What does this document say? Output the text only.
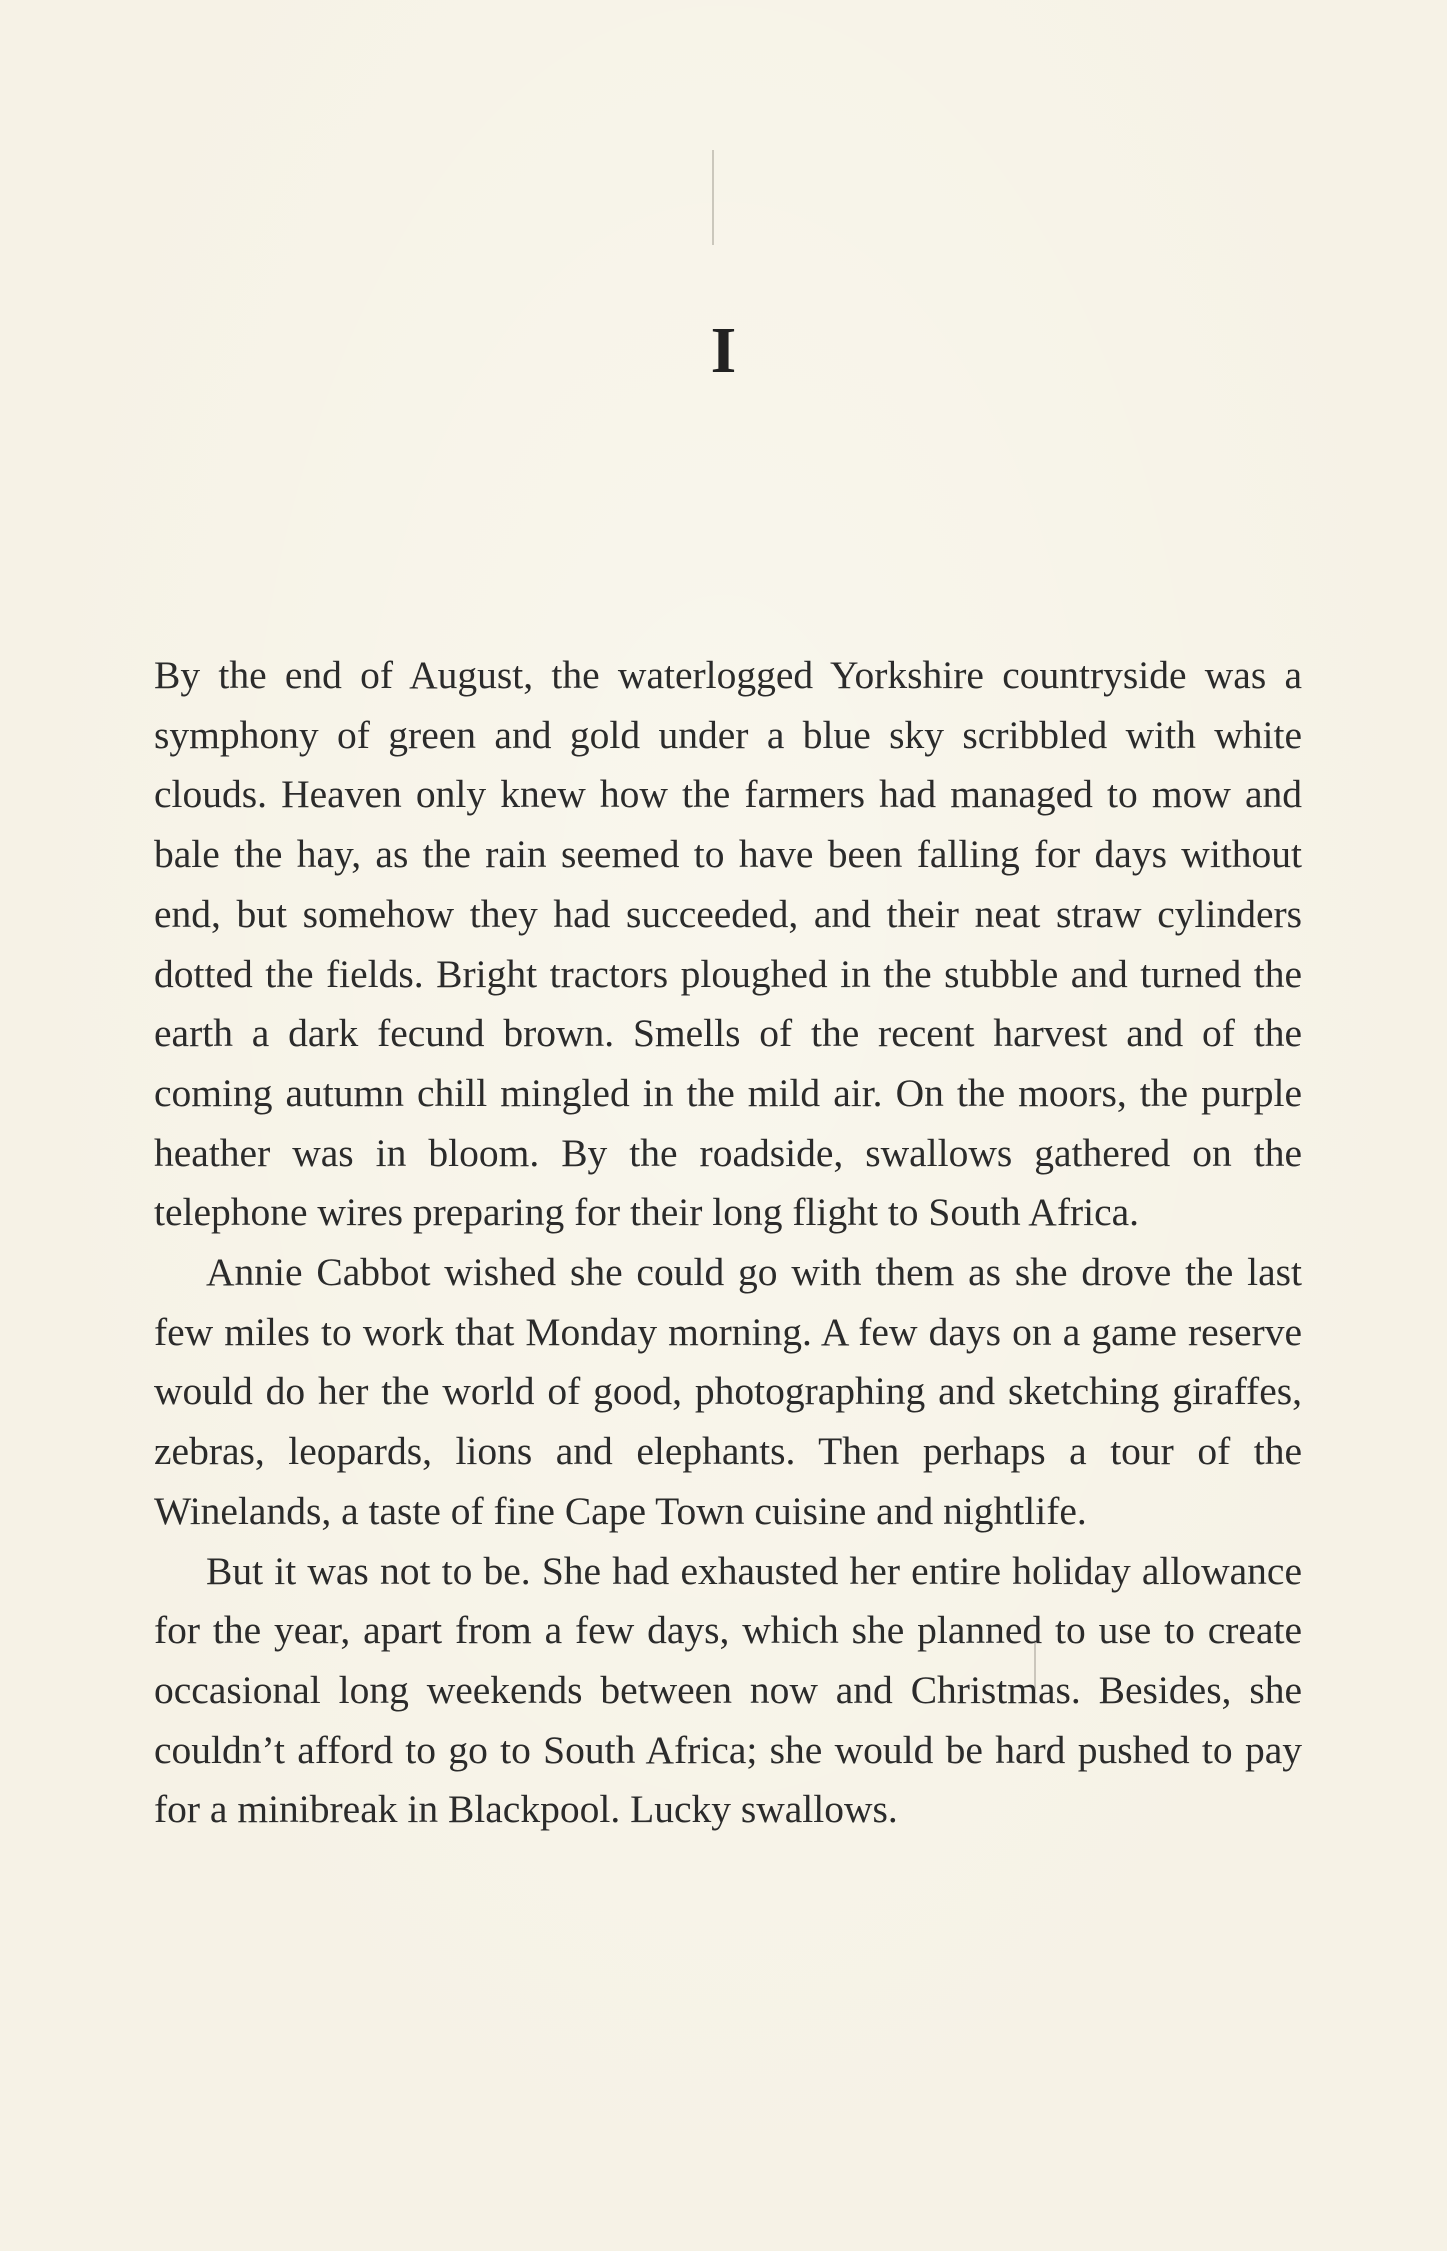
I

By the end of August, the waterlogged Yorkshire countryside was a symphony of green and gold under a blue sky scribbled with white clouds. Heaven only knew how the farmers had managed to mow and bale the hay, as the rain seemed to have been falling for days without end, but somehow they had succeeded, and their neat straw cylinders dotted the fields. Bright tractors ploughed in the stubble and turned the earth a dark fecund brown. Smells of the recent harvest and of the coming autumn chill mingled in the mild air. On the moors, the purple heather was in bloom. By the roadside, swallows gathered on the telephone wires preparing for their long flight to South Africa.

Annie Cabbot wished she could go with them as she drove the last few miles to work that Monday morning. A few days on a game reserve would do her the world of good, photographing and sketching giraffes, zebras, leopards, lions and elephants. Then perhaps a tour of the Winelands, a taste of fine Cape Town cuisine and nightlife.

But it was not to be. She had exhausted her entire holiday allowance for the year, apart from a few days, which she planned to use to create occasional long weekends between now and Christmas. Besides, she couldn’t afford to go to South Africa; she would be hard pushed to pay for a minibreak in Blackpool. Lucky swallows.
